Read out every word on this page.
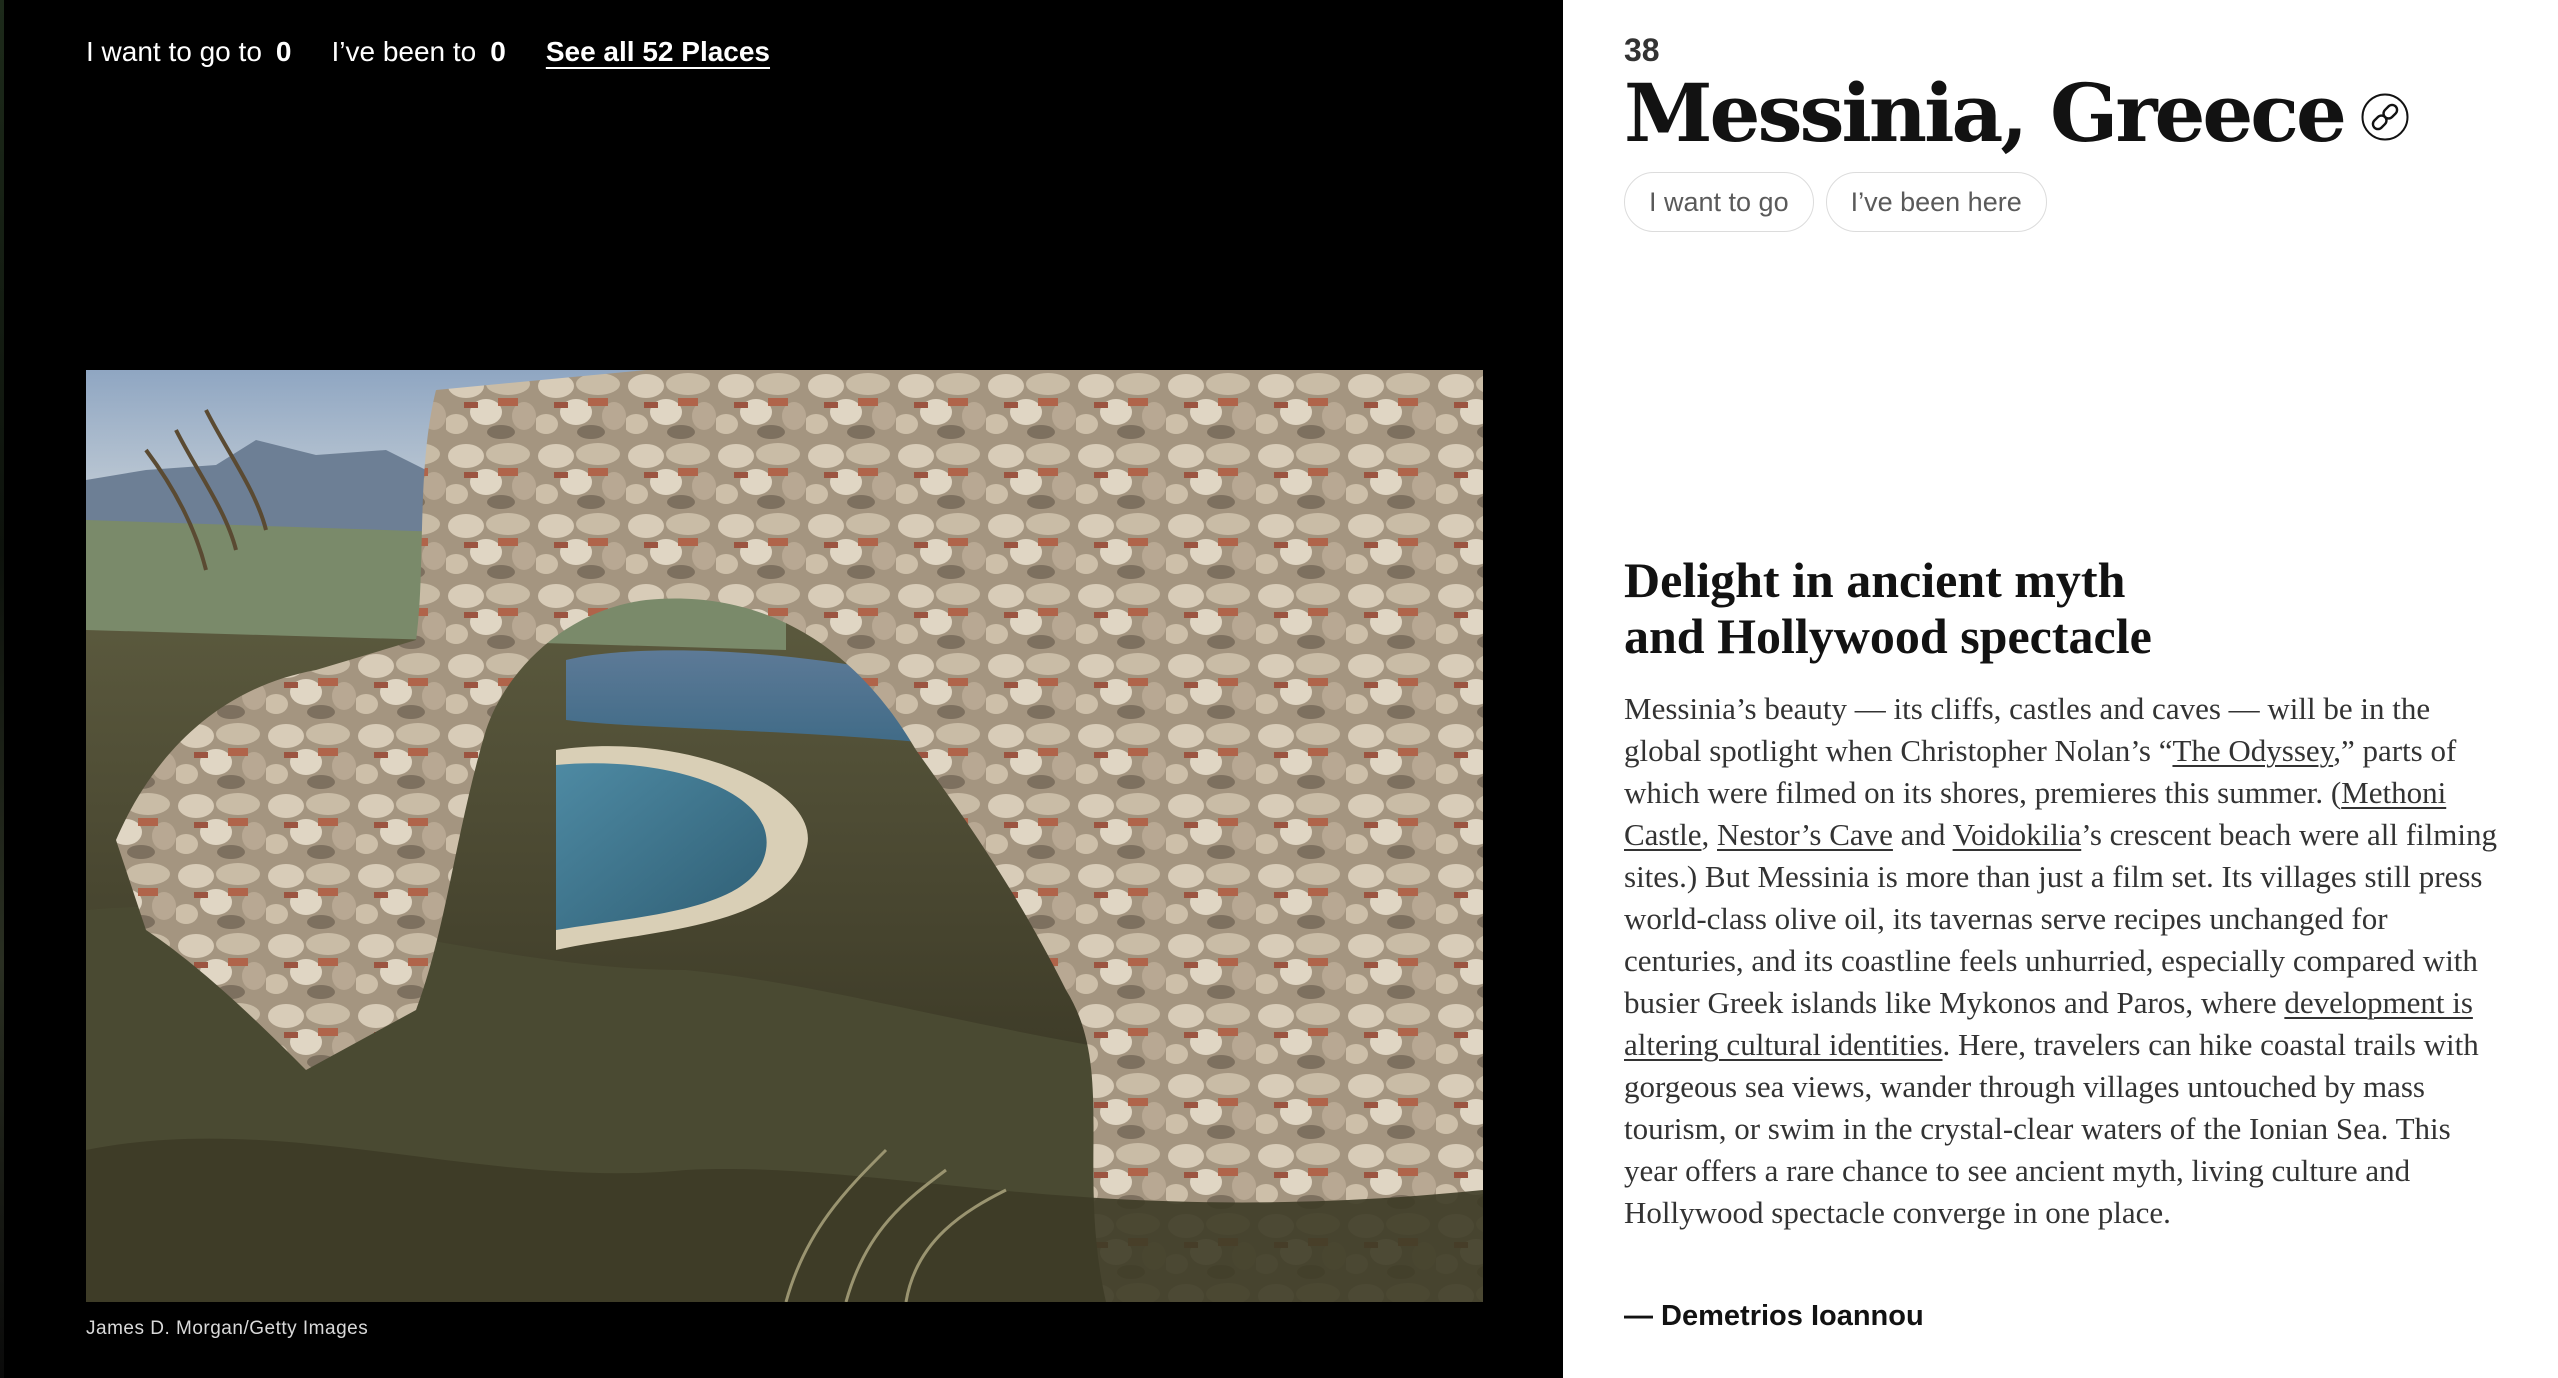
I want to go to 0 I’ve been to 0 See all 52 Places
James D. Morgan/Getty Images
38
Messinia, Greece
I want to go	I’ve been here
Delight in ancient myth
and Hollywood spectacle

Messinia’s beauty — its cliffs, castles and caves — will be in the global spotlight when Christopher Nolan’s “The Odyssey,” parts of which were filmed on its shores, premieres this summer. (Methoni Castle, Nestor’s Cave and Voidokilia’s crescent beach were all filming sites.) But Messinia is more than just a film set. Its villages still press world-class olive oil, its tavernas serve recipes unchanged for centuries, and its coastline feels unhurried, especially compared with busier Greek islands like Mykonos and Paros, where development is altering cultural identities. Here, travelers can hike coastal trails with gorgeous sea views, wander through villages untouched by mass tourism, or swim in the crystal-clear waters of the Ionian Sea. This year offers a rare chance to see ancient myth, living culture and Hollywood spectacle converge in one place.

— Demetrios Ioannou
